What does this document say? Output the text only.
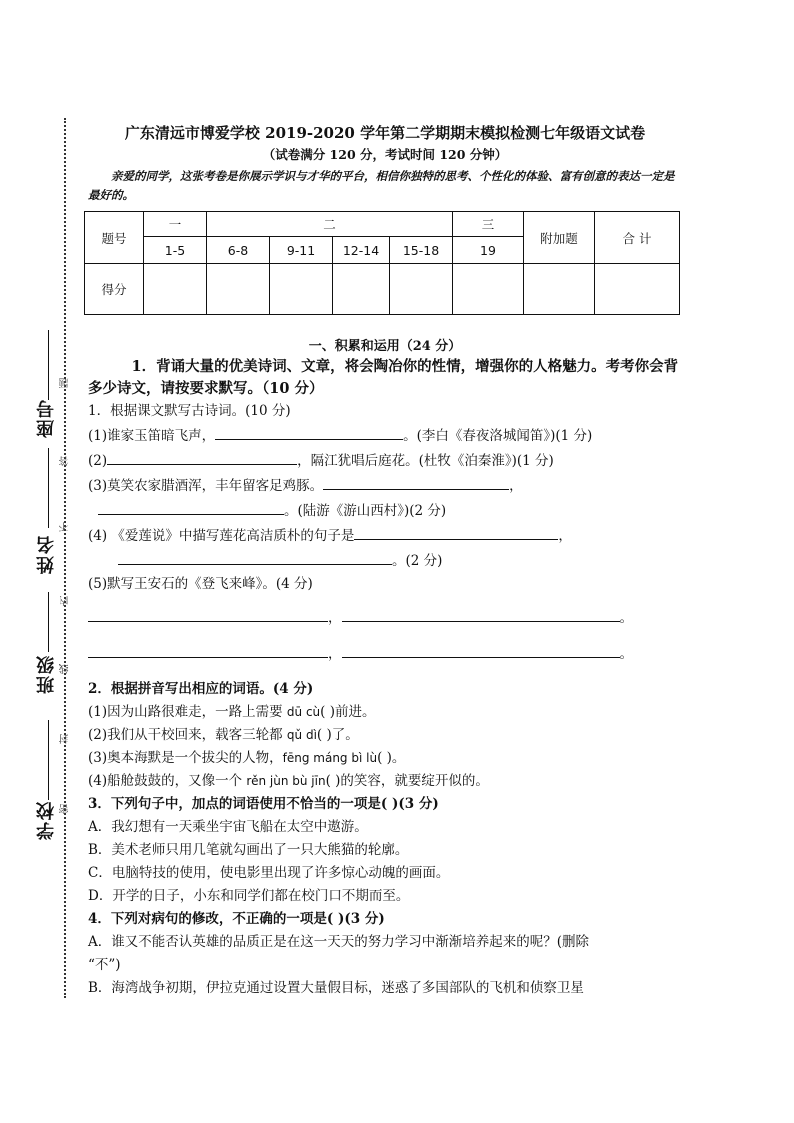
座号
题
答
不
姓名
内
班级 线
封
密
学校
广东清远市博爱学校 2019-2020 学年第二学期期末模拟检测七年级语文试卷
（试卷满分 120 分，考试时间 120 分钟）

亲爱的同学，这张考卷是你展示学识与才华的平台，相信你独特的思考、个性化的体验、富有创意的表达一定是最好的。

题号	一	二				三	附加题	合 计
	1-5	6-8	9-11	12-14	15-18	19		
得分								
一、积累和运用（24 分）

1．背诵大量的优美诗词、文章，将会陶冶你的性情，增强你的人格魅力。考考你会背多少诗文，请按要求默写。（10 分）

1．根据课文默写古诗词。(10 分)

(1)谁家玉笛暗飞声，	。(李白《春夜洛城闻笛》)(1 分)

(2)	，隔江犹唱后庭花。(杜牧《泊秦淮》)(1 分)

(3)莫笑农家腊酒浑，丰年留客足鸡豚。	，

。(陆游《游山西村》)(2 分)

(4) 《爱莲说》中描写莲花高洁质朴的句子是	，

。(2 分)

(5)默写王安石的《登飞来峰》。(4 分)

，	。

，	。

2．根据拼音写出相应的词语。(4 分)

(1)因为山路很难走，一路上需要 dū cù( )前进。

(2)我们从干校回来，载客三轮都 qǔ dì( )了。

(3)奥本海默是一个拔尖的人物，fēng máng bì lù( )。

(4)船舱鼓鼓的，又像一个 rěn jùn bù jīn( )的笑容，就要绽开似的。

3．下列句子中，加点的词语使用不恰当的一项是( )(3 分)

A．我幻想有一天乘坐宇宙飞船在太空中遨游。

B．美术老师只用几笔就勾画出了一只大熊猫的轮廓。

C．电脑特技的使用，使电影里出现了许多惊心动魄的画面。

D．开学的日子，小东和同学们都在校门口不期而至。

4．下列对病句的修改，不正确的一项是( )(3 分)

A．谁又不能否认英雄的品质正是在这一天天的努力学习中渐渐培养起来的呢？(删除

“不”)

B．海湾战争初期，伊拉克通过设置大量假目标，迷惑了多国部队的飞机和侦察卫星
